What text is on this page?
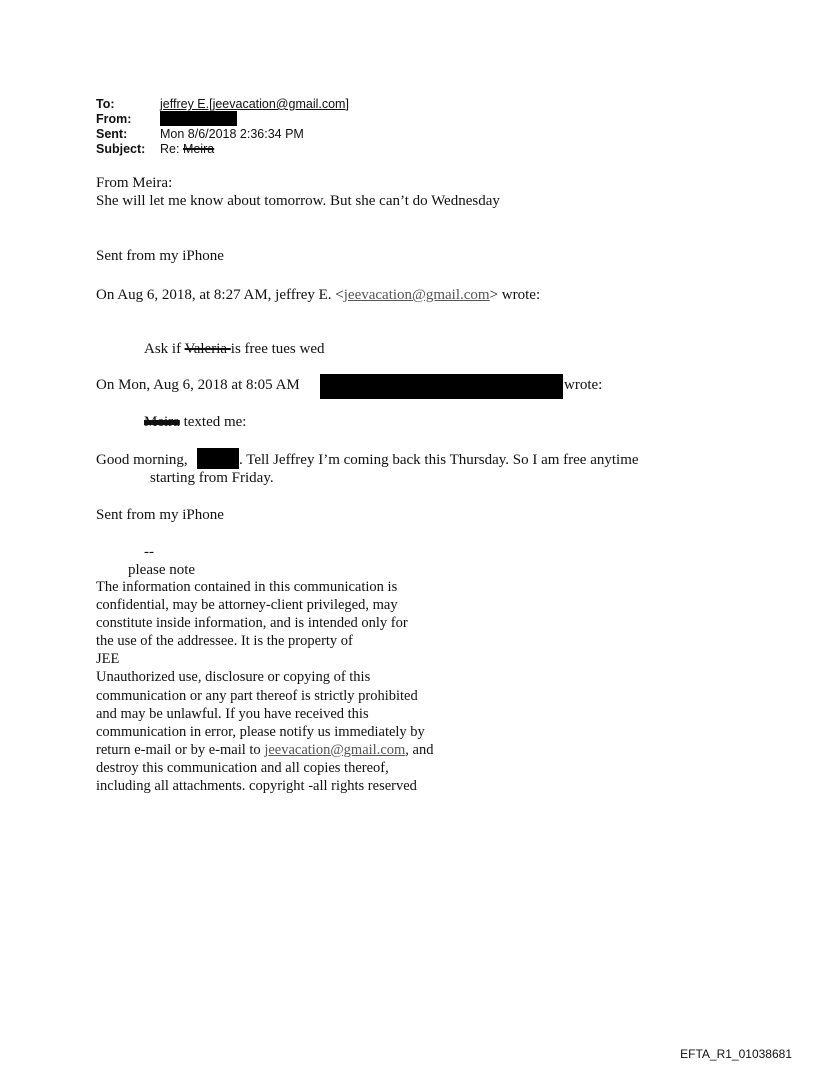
To:	jeffrey E.[jeevacation@gmail.com]
From:
Sent:	Mon 8/6/2018 2:36:34 PM
Subject: Re: Meira
From Meira:
She will let me know about tomorrow. But she can’t do Wednesday
Sent from my iPhone
On Aug 6, 2018, at 8:27 AM, jeffrey E. <jeevacation@gmail.com> wrote:
Ask if Valeria is free tues wed
On Mon, Aug 6, 2018 at 8:05 AM	wrote:
Meira texted me:
Good morning,	. Tell Jeffrey I’m coming back this Thursday. So I am free anytime
starting from Friday.
Sent from my iPhone
--
please note
The information contained in this communication is
confidential, may be attorney-client privileged, may
constitute inside information, and is intended only for
the use of the addressee. It is the property of
JEE
Unauthorized use, disclosure or copying of this
communication or any part thereof is strictly prohibited
and may be unlawful. If you have received this
communication in error, please notify us immediately by
return e-mail or by e-mail to jeevacation@gmail.com, and
destroy this communication and all copies thereof,
including all attachments. copyright -all rights reserved
EFTA_R1_01038681
